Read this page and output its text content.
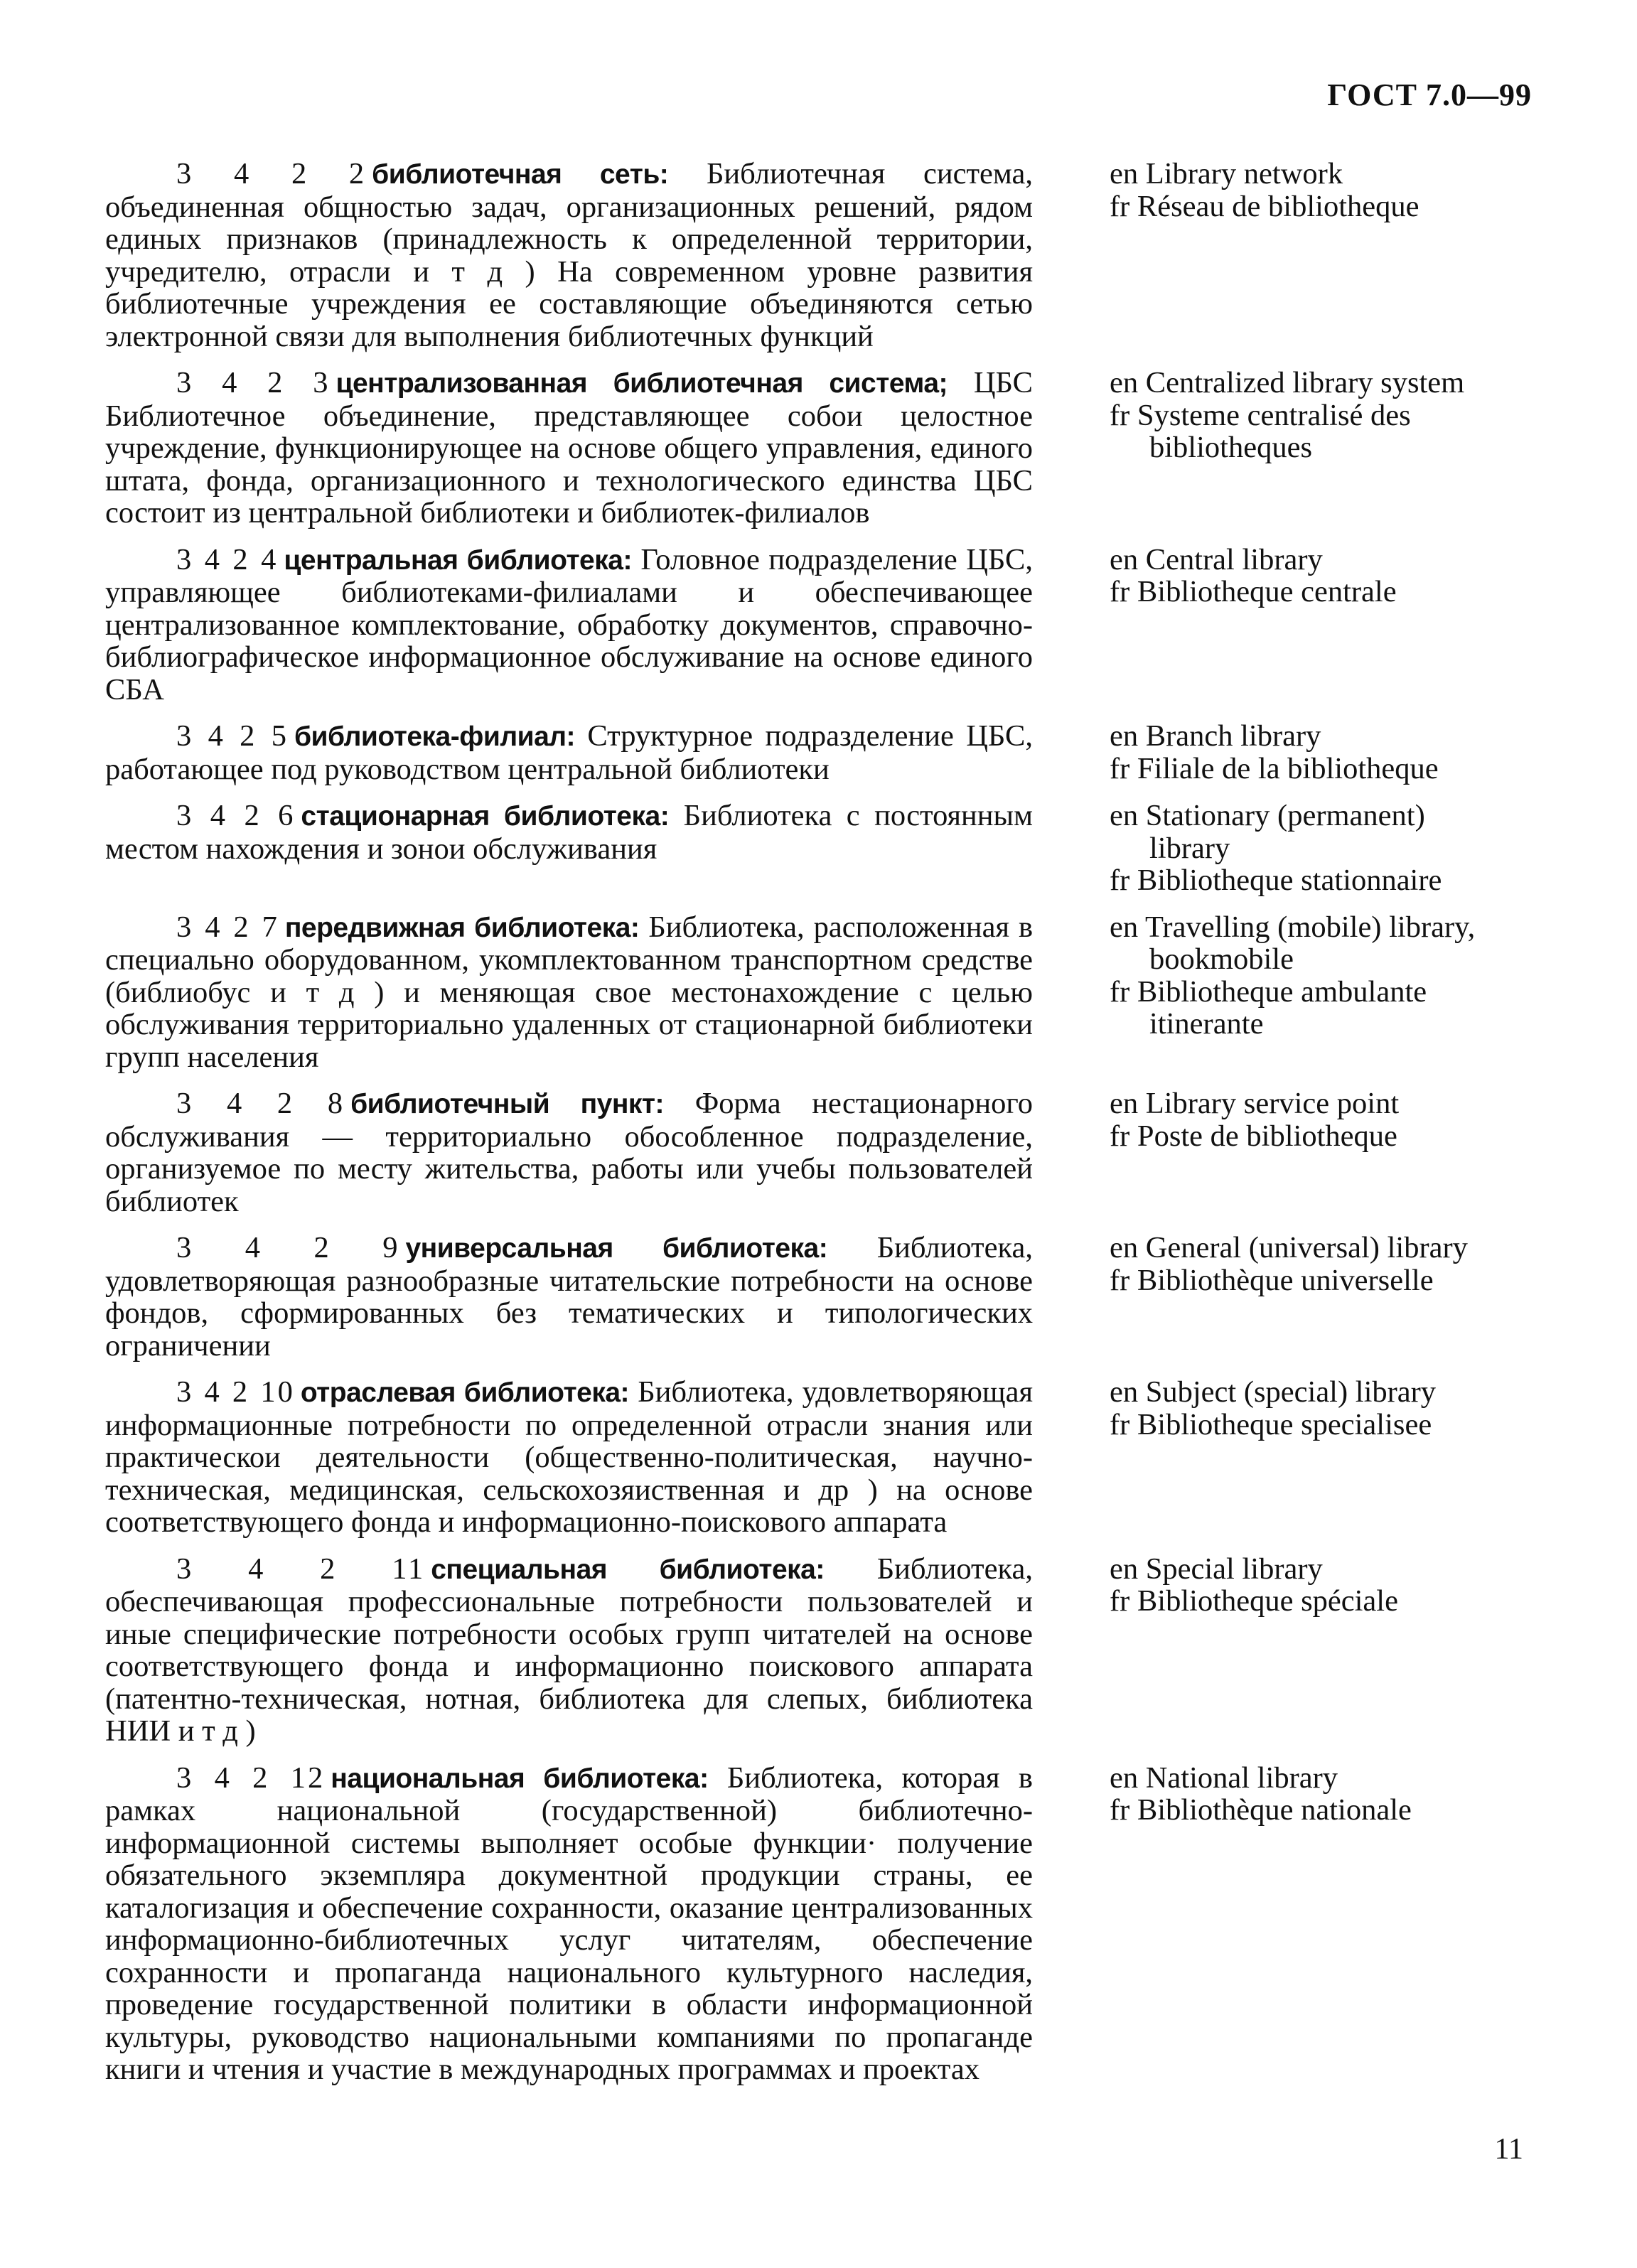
ГОСТ 7.0—99
3 4 2 2 библиотечная сеть: Библиотечная система, объединенная общностью задач, организационных решений, рядом единых признаков (принадлежность к определенной территории, учредителю, отрасли и т д ) На современном уровне развития библиотечные учреждения ее составляющие объединяются сетью электронной связи для выполнения библиотечных функций
en Library network
fr Réseau de bibliotheque
3 4 2 3 централизованная библиотечная система; ЦБС Библиотечное объединение, представляющее собои целостное учреждение, функционирующее на основе общего управления, единого штата, фонда, организационного и технологического единства ЦБС состоит из центральной библиотеки и библиотек-филиалов
en Centralized library system
fr Systeme centralisé des bibliotheques
3 4 2 4 центральная библиотека: Головное подразделение ЦБС, управляющее библиотеками-филиалами и обеспечивающее централизованное комплектование, обработку документов, справочно-библиографическое информационное обслуживание на основе единого СБА
en Central library
fr Bibliotheque centrale
3 4 2 5 библиотека-филиал: Структурное подразделение ЦБС, работающее под руководством центральной библиотеки
en Branch library
fr Filiale de la bibliotheque
3 4 2 6 стационарная библиотека: Библиотека с постоянным местом нахождения и зонои обслуживания
en Stationary (permanent) library
fr Bibliotheque stationnaire
3 4 2 7 передвижная библиотека: Библиотека, расположенная в специально оборудованном, укомплектованном транспортном средстве (библиобус и т д ) и меняющая свое местонахождение с целью обслуживания территориально удаленных от стационарной библиотеки групп населения
en Travelling (mobile) library, bookmobile
fr Bibliotheque ambulante itinerante
3 4 2 8 библиотечный пункт: Форма нестационарного обслуживания — территориально обособленное подразделение, организуемое по месту жительства, работы или учебы пользователей библиотек
en Library service point
fr Poste de bibliotheque
3 4 2 9 универсальная библиотека: Библиотека, удовлетворяющая разнообразные читательские потребности на основе фондов, сформированных без тематических и типологических ограничении
en General (universal) library
fr Bibliothèque universelle
3 4 2 10 отраслевая библиотека: Библиотека, удовлетворяющая информационные потребности по определенной отрасли знания или практическои деятельности (общественно-политическая, научно-техническая, медицинская, сельскохозяиственная и др ) на основе соответствующего фонда и информационно-поискового аппарата
en Subject (special) library
fr Bibliotheque specialisee
3 4 2 11 специальная библиотека: Библиотека, обеспечивающая профессиональные потребности пользователей и иные специфические потребности особых групп читателей на основе соответствующего фонда и информационно поискового аппарата (патентно-техническая, нотная, библиотека для слепых, библиотека НИИ и т д )
en Special library
fr Bibliotheque spéciale
3 4 2 12 национальная библиотека: Библиотека, которая в рамках национальной (государственной) библиотечно-информационной системы выполняет особые функции· получение обязательного экземпляра документной продукции страны, ее каталогизация и обеспечение сохранности, оказание централизованных информационно-библиотечных услуг читателям, обеспечение сохранности и пропаганда национального культурного наследия, проведение государственной политики в области информационной культуры, руководство национальными компаниями по пропаганде книги и чтения и участие в международных программах и проектах
en National library
fr Bibliothèque nationale
11
